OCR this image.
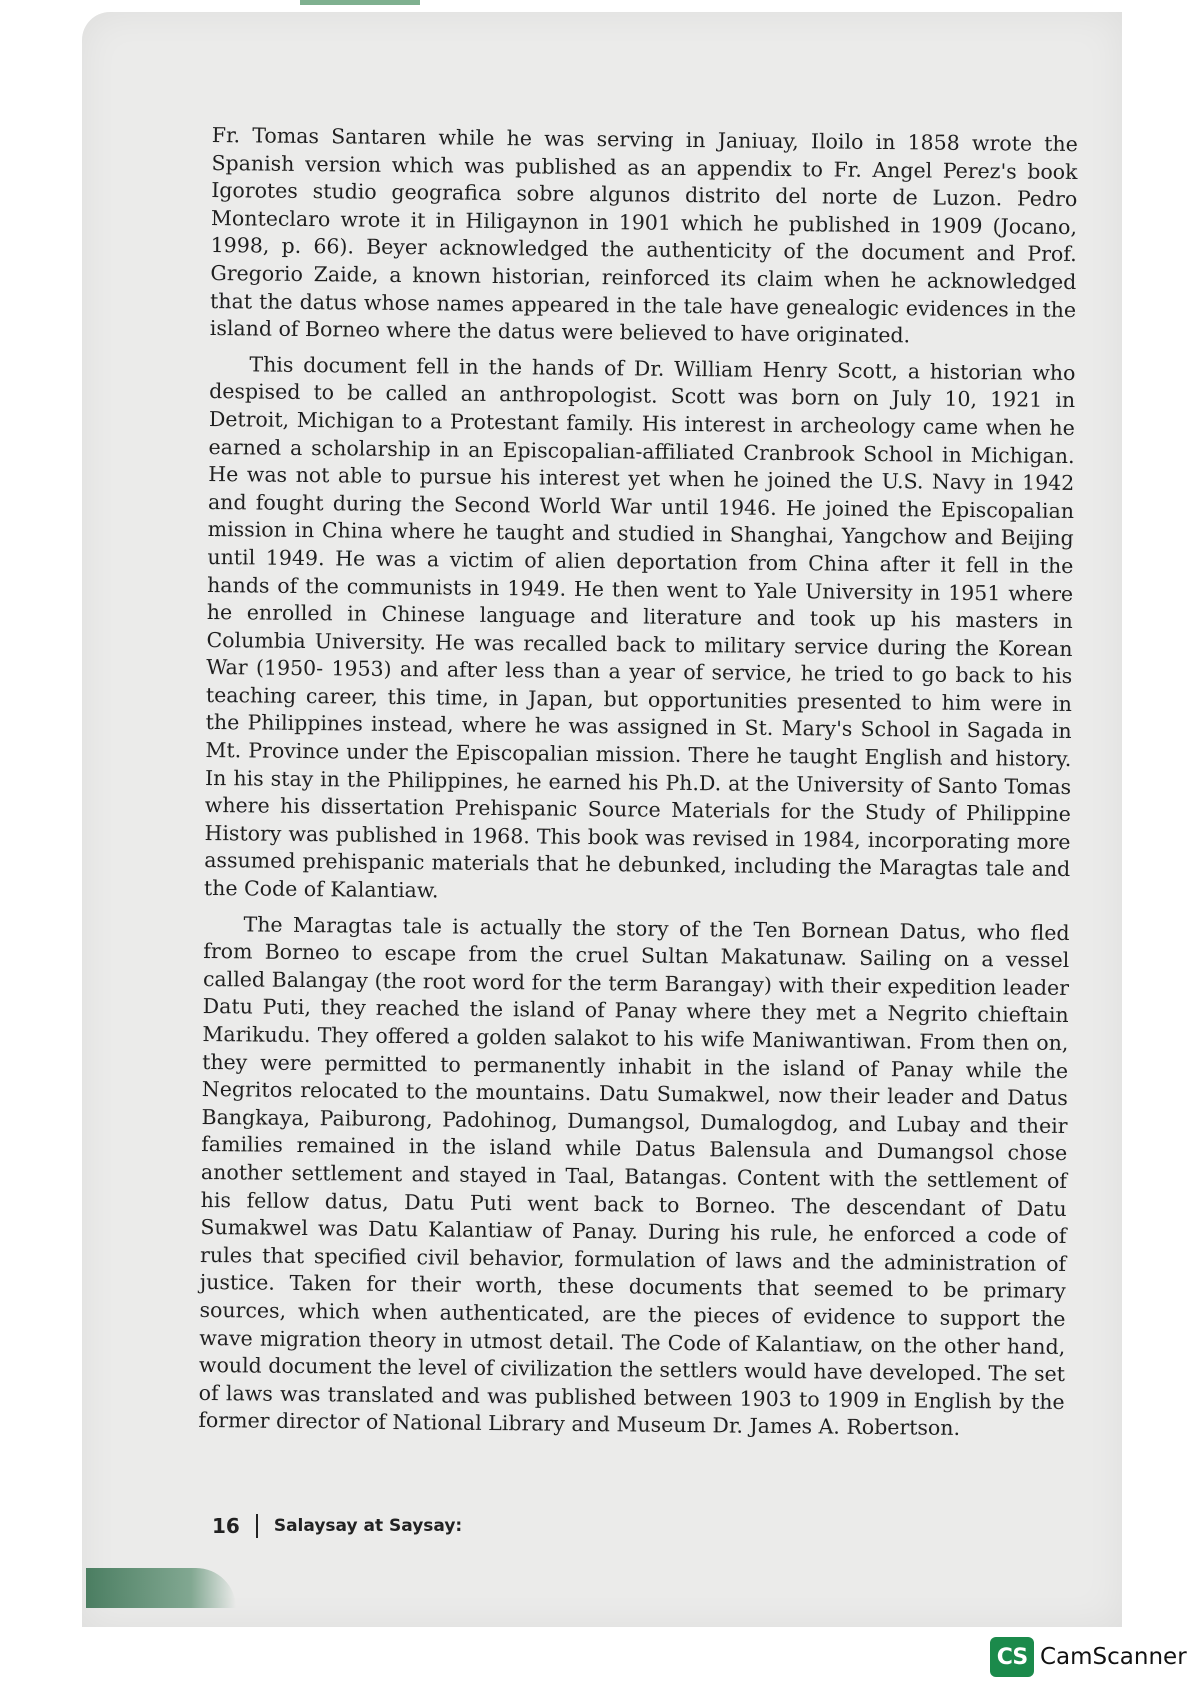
Fr. Tomas Santaren while he was serving in Janiuay, Iloilo in 1858 wrote the Spanish version which was published as an appendix to Fr. Angel Perez's book Igorotes studio geografica sobre algunos distrito del norte de Luzon. Pedro Monteclaro wrote it in Hiligaynon in 1901 which he published in 1909 (Jocano, 1998, p. 66). Beyer acknowledged the authenticity of the document and Prof. Gregorio Zaide, a known historian, reinforced its claim when he acknowledged that the datus whose names appeared in the tale have genealogic evidences in the island of Borneo where the datus were believed to have originated.

This document fell in the hands of Dr. William Henry Scott, a historian who despised to be called an anthropologist. Scott was born on July 10, 1921 in Detroit, Michigan to a Protestant family. His interest in archeology came when he earned a scholarship in an Episcopalian-affiliated Cranbrook School in Michigan. He was not able to pursue his interest yet when he joined the U.S. Navy in 1942 and fought during the Second World War until 1946. He joined the Episcopalian mission in China where he taught and studied in Shanghai, Yangchow and Beijing until 1949. He was a victim of alien deportation from China after it fell in the hands of the communists in 1949. He then went to Yale University in 1951 where he enrolled in Chinese language and literature and took up his masters in Columbia University. He was recalled back to military service during the Korean War (1950- 1953) and after less than a year of service, he tried to go back to his teaching career, this time, in Japan, but opportunities presented to him were in the Philippines instead, where he was assigned in St. Mary's School in Sagada in Mt. Province under the Episcopalian mission. There he taught English and history. In his stay in the Philippines, he earned his Ph.D. at the University of Santo Tomas where his dissertation Prehispanic Source Materials for the Study of Philippine History was published in 1968. This book was revised in 1984, incorporating more assumed prehispanic materials that he debunked, including the Maragtas tale and the Code of Kalantiaw.

The Maragtas tale is actually the story of the Ten Bornean Datus, who fled from Borneo to escape from the cruel Sultan Makatunaw. Sailing on a vessel called Balangay (the root word for the term Barangay) with their expedition leader Datu Puti, they reached the island of Panay where they met a Negrito chieftain Marikudu. They offered a golden salakot to his wife Maniwantiwan. From then on, they were permitted to permanently inhabit in the island of Panay while the Negritos relocated to the mountains. Datu Sumakwel, now their leader and Datus Bangkaya, Paiburong, Padohinog, Dumangsol, Dumalogdog, and Lubay and their families remained in the island while Datus Balensula and Dumangsol chose another settlement and stayed in Taal, Batangas. Content with the settlement of his fellow datus, Datu Puti went back to Borneo. The descendant of Datu Sumakwel was Datu Kalantiaw of Panay. During his rule, he enforced a code of rules that specified civil behavior, formulation of laws and the administration of justice. Taken for their worth, these documents that seemed to be primary sources, which when authenticated, are the pieces of evidence to support the wave migration theory in utmost detail. The Code of Kalantiaw, on the other hand, would document the level of civilization the settlers would have developed. The set of laws was translated and was published between 1903 to 1909 in English by the former director of National Library and Museum Dr. James A. Robertson.

16 Salaysay at Saysay:
CS CamScanner
